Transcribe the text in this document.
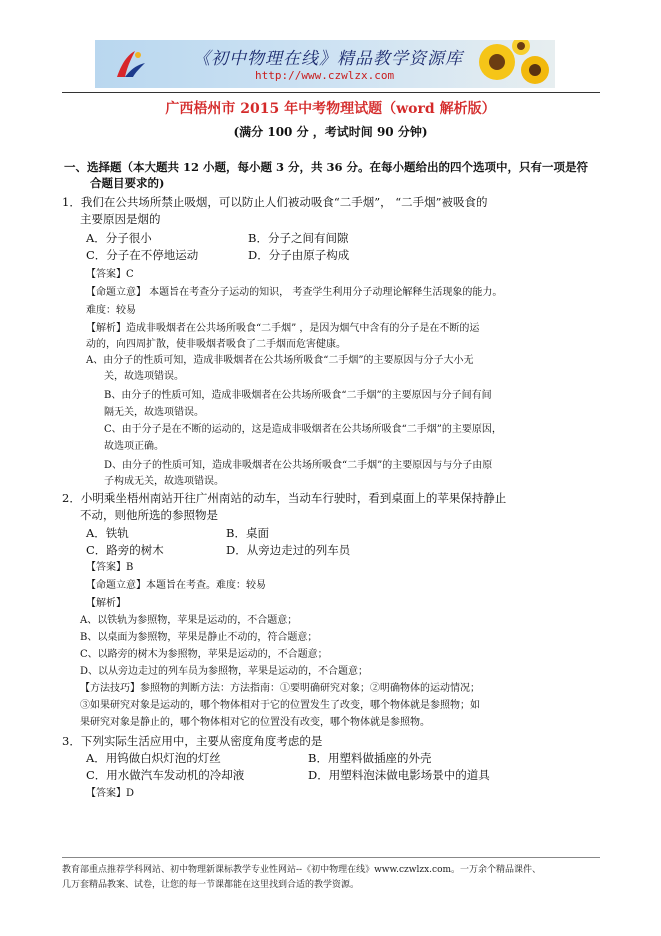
《初中物理在线》精品教学资源库
http://www.czwlzx.com
广西梧州市 2015 年中考物理试题（word 解析版）
(满分 100 分 ，考试时间 90 分钟)
一、选择题（本大题共 12 小题，每小题 3 分，共 36 分。在每小题给出的四个选项中，只有一项是符
合题目要求的)
1．我们在公共场所禁止吸烟，可以防止人们被动吸食“二手烟”， “二手烟”被吸食的
主要原因是烟的
A．分子很小	B．分子之间有间隙
C．分子在不停地运动	D．分子由原子构成
【答案】C
【命题立意】 本题旨在考查分子运动的知识， 考查学生利用分子动理论解释生活现象的能力。
难度：较易
【解析】造成非吸烟者在公共场所吸食“二手烟” ，是因为烟气中含有的分子是在不断的运
动的，向四周扩散，使非吸烟者吸食了二手烟而危害健康。
A、由分子的性质可知，造成非吸烟者在公共场所吸食“二手烟”的主要原因与分子大小无
关，故选项错误。
B、由分子的性质可知，造成非吸烟者在公共场所吸食“二手烟”的主要原因与分子间有间
隔无关，故选项错误。
C、由于分子是在不断的运动的，这是造成非吸烟者在公共场所吸食“二手烟”的主要原因，
故选项正确。
D、由分子的性质可知，造成非吸烟者在公共场所吸食“二手烟”的主要原因与与分子由原
子构成无关，故选项错误。
2．小明乘坐梧州南站开往广州南站的动车，当动车行驶时，看到桌面上的苹果保持静止
不动，则他所选的参照物是
A．铁轨	B．桌面
C．路旁的树木	D．从旁边走过的列车员
【答案】B
【命题立意】本题旨在考查。难度：较易
【解析】
A、以铁轨为参照物，苹果是运动的，不合题意；
B、以桌面为参照物，苹果是静止不动的，符合题意；
C、以路旁的树木为参照物，苹果是运动的，不合题意；
D、以从旁边走过的列车员为参照物，苹果是运动的，不合题意；
【方法技巧】参照物的判断方法：方法指南：①要明确研究对象；②明确物体的运动情况；
③如果研究对象是运动的，哪个物体相对于它的位置发生了改变，哪个物体就是参照物；如
果研究对象是静止的，哪个物体相对它的位置没有改变，哪个物体就是参照物。
3．下列实际生活应用中，主要从密度角度考虑的是
A．用钨做白炽灯泡的灯丝	B．用塑料做插座的外壳
C．用水做汽车发动机的冷却液	D．用塑料泡沫做电影场景中的道具
【答案】D
教育部重点推荐学科网站、初中物理新课标教学专业性网站--《初中物理在线》www.czwlzx.com。一万余个精品课件、
几万套精品教案、试卷，让您的每一节课都能在这里找到合适的教学资源。
